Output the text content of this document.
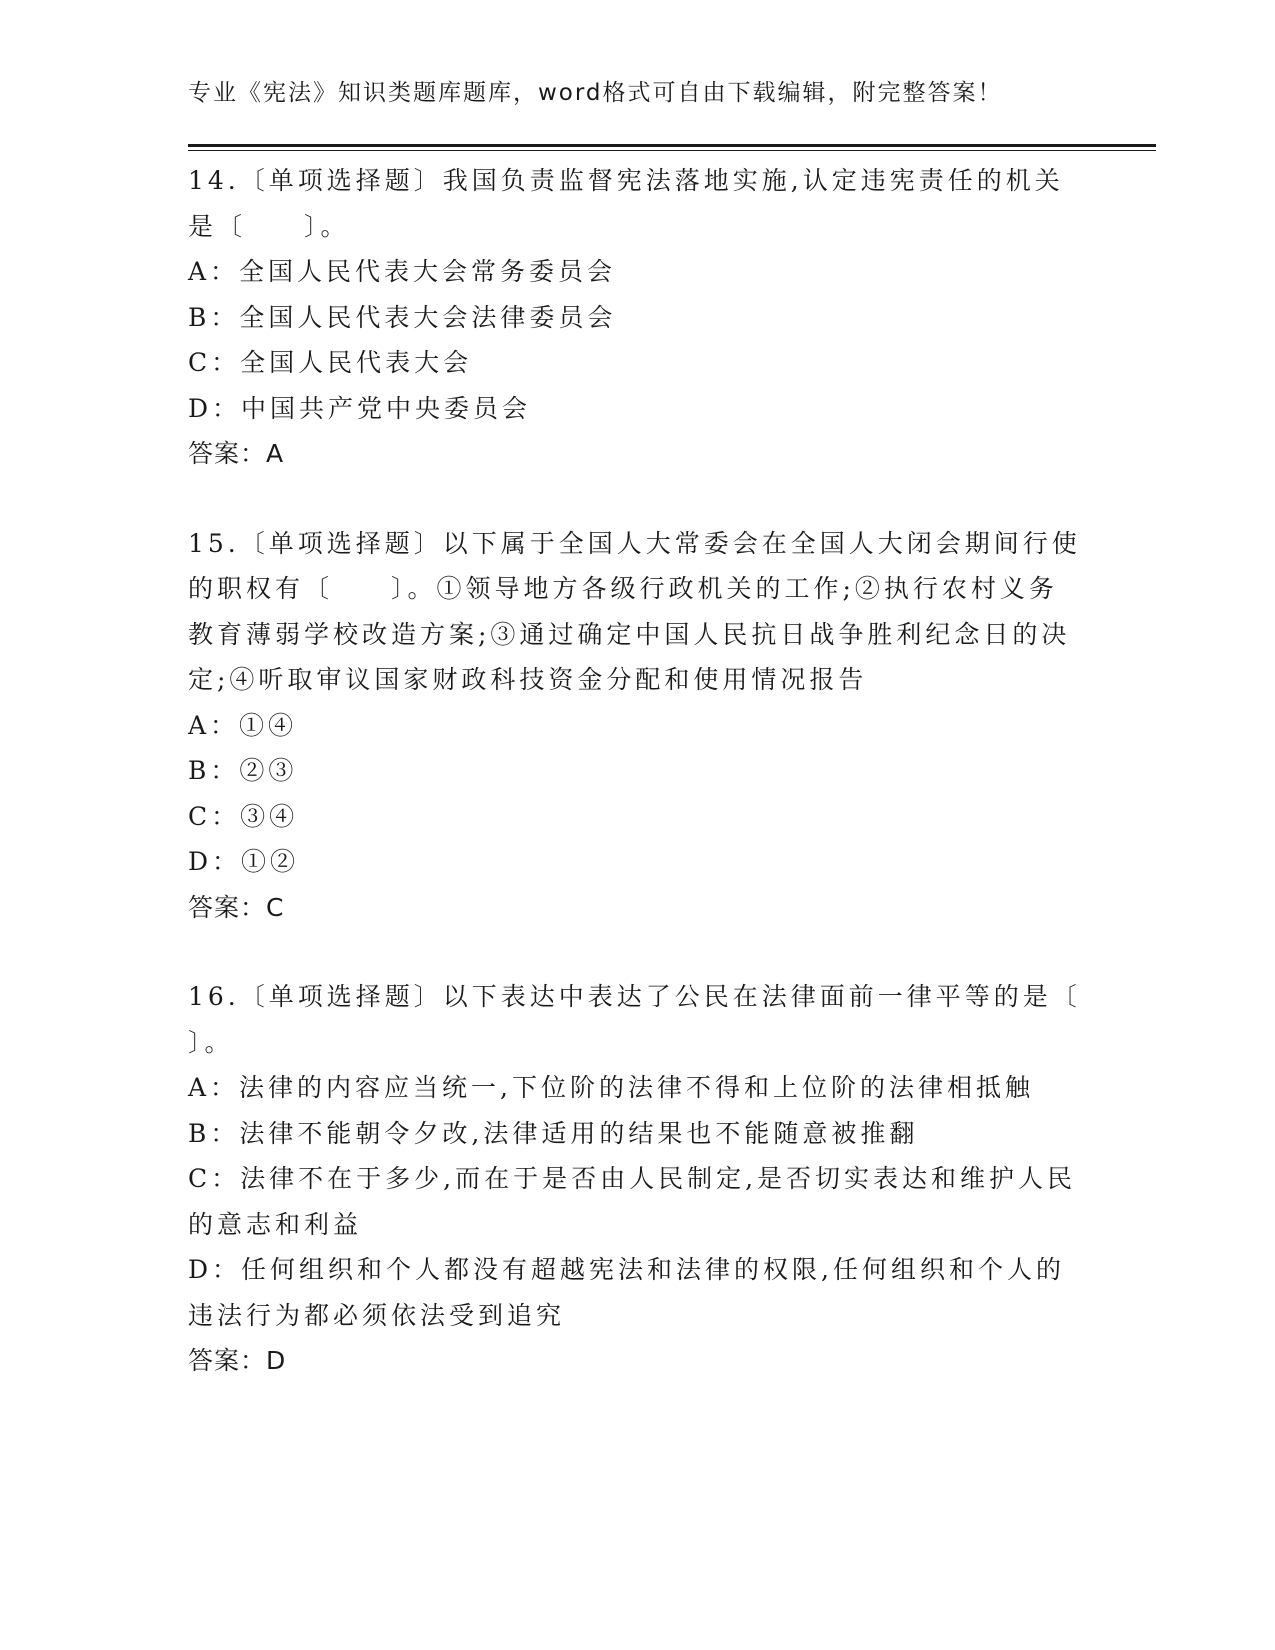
专业《宪法》知识类题库题库，word格式可自由下载编辑，附完整答案！
14.〔单项选择题〕我国负责监督宪法落地实施,认定违宪责任的机关
是〔　　〕。
A：全国人民代表大会常务委员会
B：全国人民代表大会法律委员会
C：全国人民代表大会
D：中国共产党中央委员会
答案：A
15.〔单项选择题〕以下属于全国人大常委会在全国人大闭会期间行使
的职权有〔　　〕。①领导地方各级行政机关的工作;②执行农村义务
教育薄弱学校改造方案;③通过确定中国人民抗日战争胜利纪念日的决
定;④听取审议国家财政科技资金分配和使用情况报告
A：①④
B：②③
C：③④
D：①②
答案：C
16.〔单项选择题〕以下表达中表达了公民在法律面前一律平等的是〔
〕。
A：法律的内容应当统一,下位阶的法律不得和上位阶的法律相抵触
B：法律不能朝令夕改,法律适用的结果也不能随意被推翻
C：法律不在于多少,而在于是否由人民制定,是否切实表达和维护人民
的意志和利益
D：任何组织和个人都没有超越宪法和法律的权限,任何组织和个人的
违法行为都必须依法受到追究
答案：D
